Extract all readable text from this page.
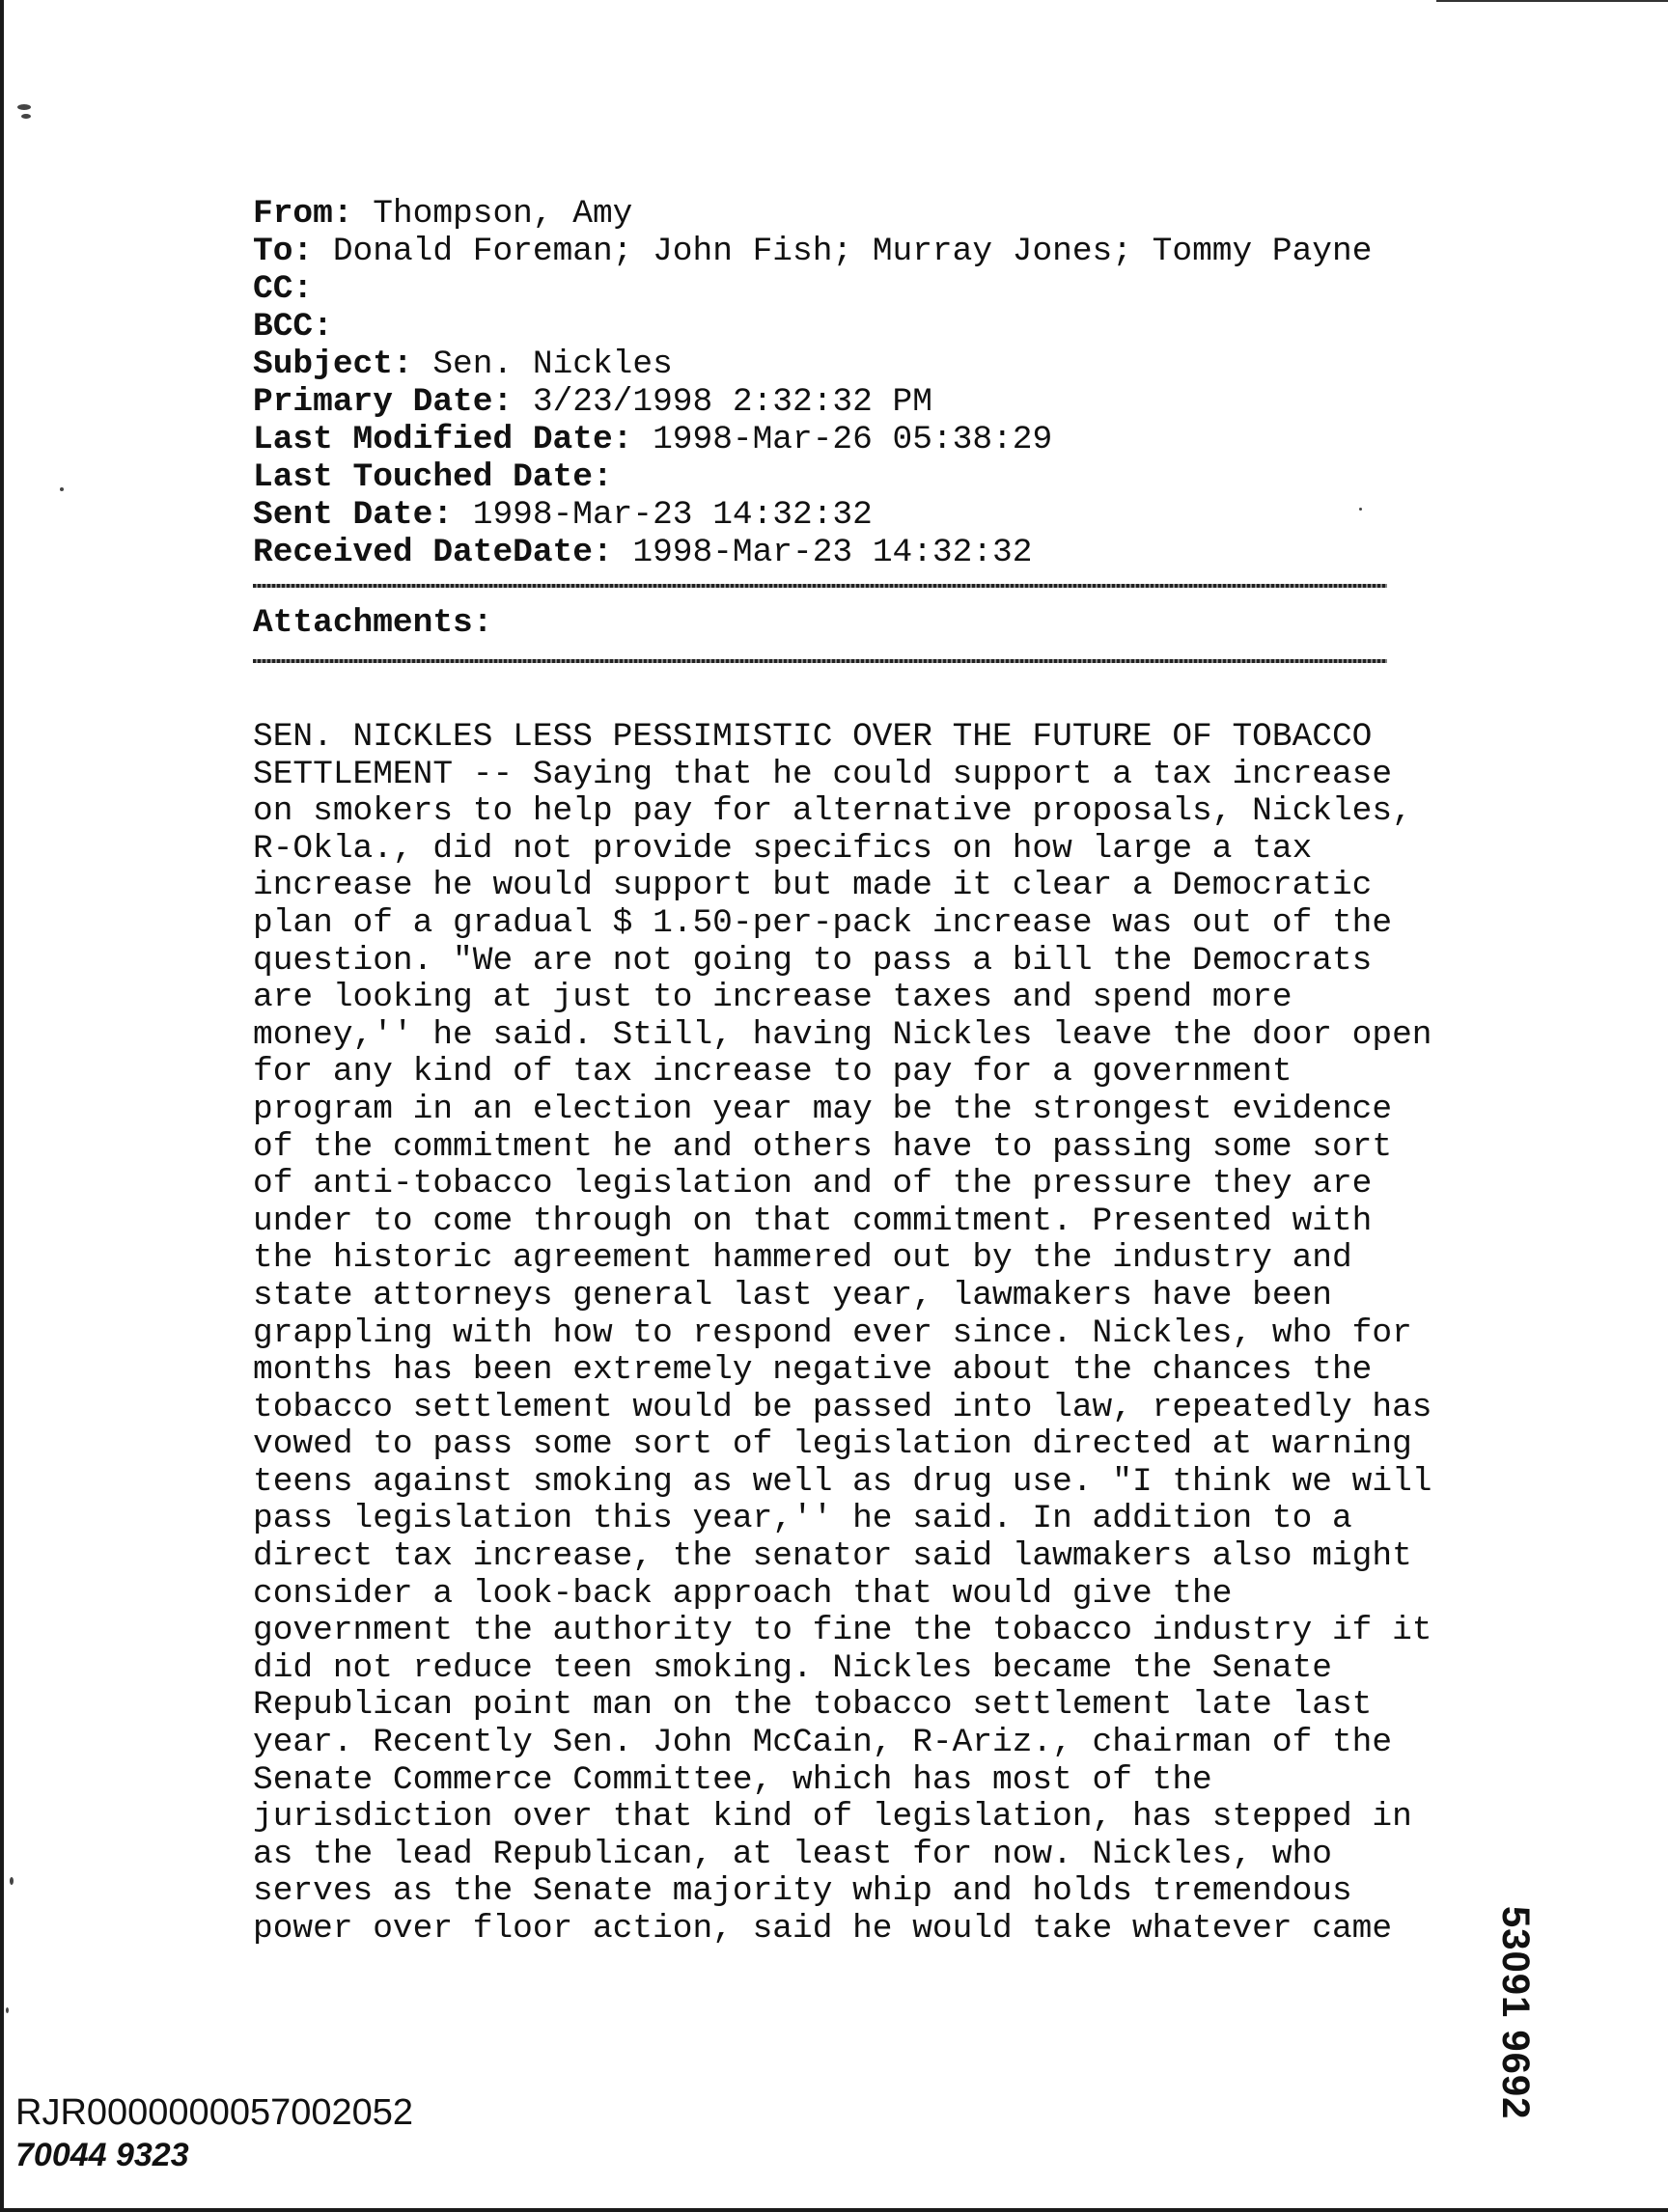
From: Thompson, Amy
To: Donald Foreman; John Fish; Murray Jones; Tommy Payne
CC:
BCC:
Subject: Sen. Nickles
Primary Date: 3/23/1998 2:32:32 PM
Last Modified Date: 1998-Mar-26 05:38:29
Last Touched Date:
Sent Date: 1998-Mar-23 14:32:32
Received DateDate: 1998-Mar-23 14:32:32
Attachments:
SEN. NICKLES LESS PESSIMISTIC OVER THE FUTURE OF TOBACCO
SETTLEMENT -- Saying that he could support a tax increase
on smokers to help pay for alternative proposals, Nickles,
R-Okla., did not provide specifics on how large a tax
increase he would support but made it clear a Democratic
plan of a gradual $ 1.50-per-pack increase was out of the
question. "We are not going to pass a bill the Democrats
are looking at just to increase taxes and spend more
money,'' he said. Still, having Nickles leave the door open
for any kind of tax increase to pay for a government
program in an election year may be the strongest evidence
of the commitment he and others have to passing some sort
of anti-tobacco legislation and of the pressure they are
under to come through on that commitment. Presented with
the historic agreement hammered out by the industry and
state attorneys general last year, lawmakers have been
grappling with how to respond ever since. Nickles, who for
months has been extremely negative about the chances the
tobacco settlement would be passed into law, repeatedly has
vowed to pass some sort of legislation directed at warning
teens against smoking as well as drug use. "I think we will
pass legislation this year,'' he said. In addition to a
direct tax increase, the senator said lawmakers also might
consider a look-back approach that would give the
government the authority to fine the tobacco industry if it
did not reduce teen smoking. Nickles became the Senate
Republican point man on the tobacco settlement late last
year. Recently Sen. John McCain, R-Ariz., chairman of the
Senate Commerce Committee, which has most of the
jurisdiction over that kind of legislation, has stepped in
as the lead Republican, at least for now. Nickles, who
serves as the Senate majority whip and holds tremendous
power over floor action, said he would take whatever came	53091 9692
RJR0000000057002052
70044 9323
